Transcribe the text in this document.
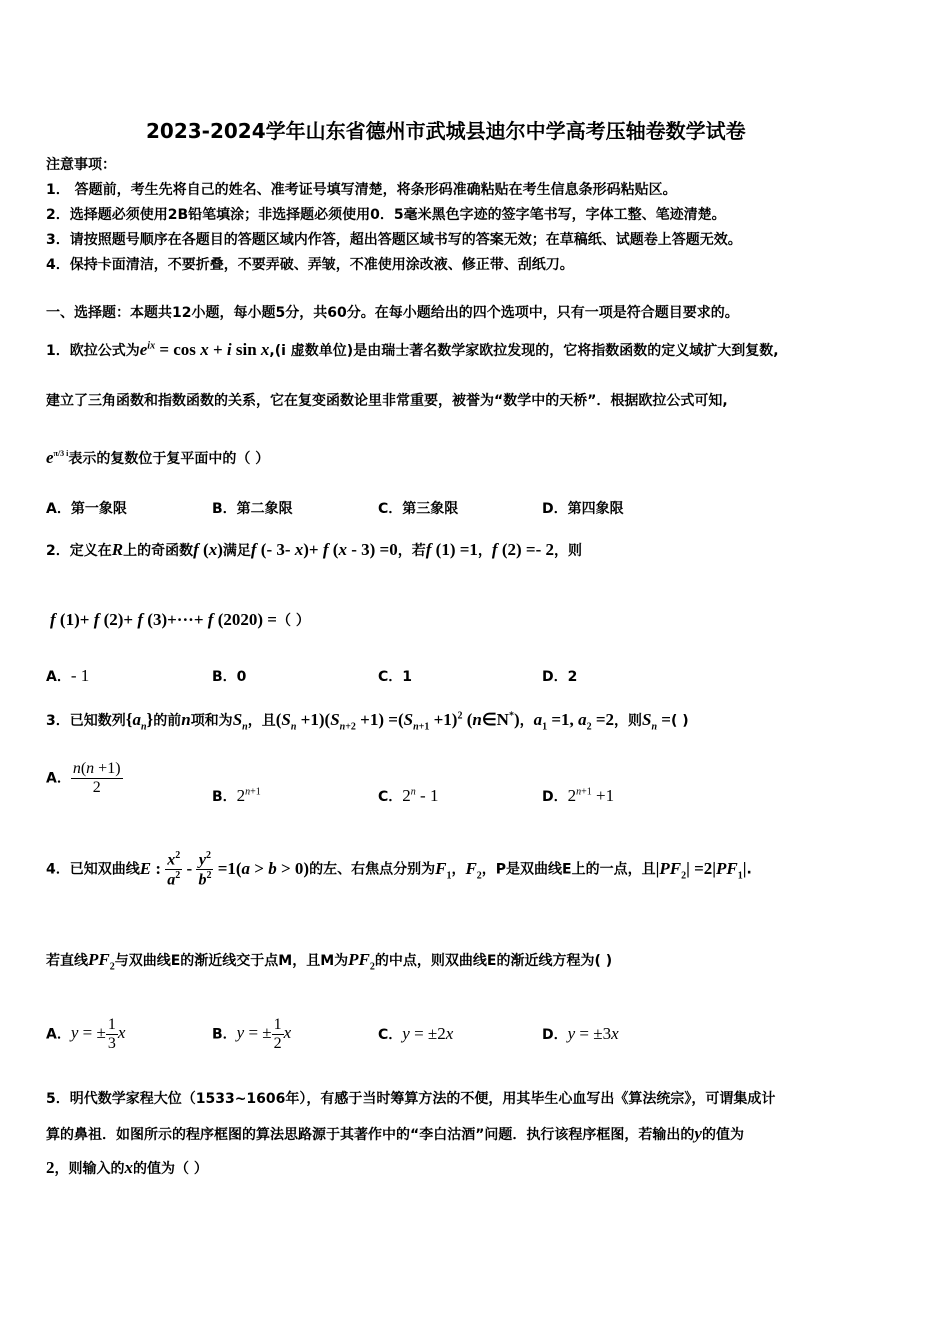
2023-2024学年山东省德州市武城县迪尔中学高考压轴卷数学试卷
注意事项：
1． 答题前，考生先将自己的姓名、准考证号填写清楚，将条形码准确粘贴在考生信息条形码粘贴区。
2．选择题必须使用2B铅笔填涂；非选择题必须使用0．5毫米黑色字迹的签字笔书写，字体工整、笔迹清楚。
3．请按照题号顺序在各题目的答题区域内作答，超出答题区域书写的答案无效；在草稿纸、试题卷上答题无效。
4．保持卡面清洁，不要折叠，不要弄破、弄皱，不准使用涂改液、修正带、刮纸刀。
一、选择题：本题共12小题，每小题5分，共60分。在每小题给出的四个选项中，只有一项是符合题目要求的。
1．欧拉公式为$e^{ix} = \cos x + i$ sin x,(i 虚数单位)是由瑞士著名数学家欧拉发现的，它将指数函数的定义域扩大到复数,
建立了三角函数和指数函数的关系，它在复变函数论里非常重要，被誉为“数学中的天桥”．根据欧拉公式可知,
$e^{\pi/3 i}$表示的复数位于复平面中的（ ）
A．第一象限	B．第二象限	C．第三象限	D．第四象限
2．定义在R上的奇函数f (x)满足f (- 3- x)+ f (x - 3) =0，若f (1) =1，f (2) =- 2，则
f (1)+ f (2)+ f (3)+···+ f (2020) =（ ）
A．- 1	B．0	C．1	D．2
3．已知数列$\{a_n\}$的前n项和为$S_n$，且$(S_n +1)(S_{n+2} +1) =(S_{n+1} +1)^2$ (n∈N*)，$a_1 =1$, $a_2 =2$，则$S_n$ =( )
A． $\frac{n(n +1)}{2}$	B．$2^{n+1}$	C．2$^n$ - 1	D．$2^{n+1} +1$
4．已知双曲线E : $\frac{x^2}{a^2} - \frac{y^2}{b^2} =1(a > b > 0)$的左、右焦点分别为$F_1$，$F_2$，P是双曲线E上的一点，且$|PF_2| =2|PF_1|$.
若直线$PF_2$与双曲线E的渐近线交于点M，且M为$PF_2$的中点，则双曲线E的渐近线方程为( )
A．y = ± $\frac{1}{3}$ x	B．y = ± $\frac{1}{2}$ x	C．y = ±2x	D．y = ±3x
5．明代数学家程大位（1533~1606年），有感于当时筹算方法的不便，用其毕生心血写出《算法统宗》，可谓集成计
算的鼻祖．如图所示的程序框图的算法思路源于其著作中的“李白沽酒”问题．执行该程序框图，若输出的y的值为
2，则输入的x的值为（ ）
